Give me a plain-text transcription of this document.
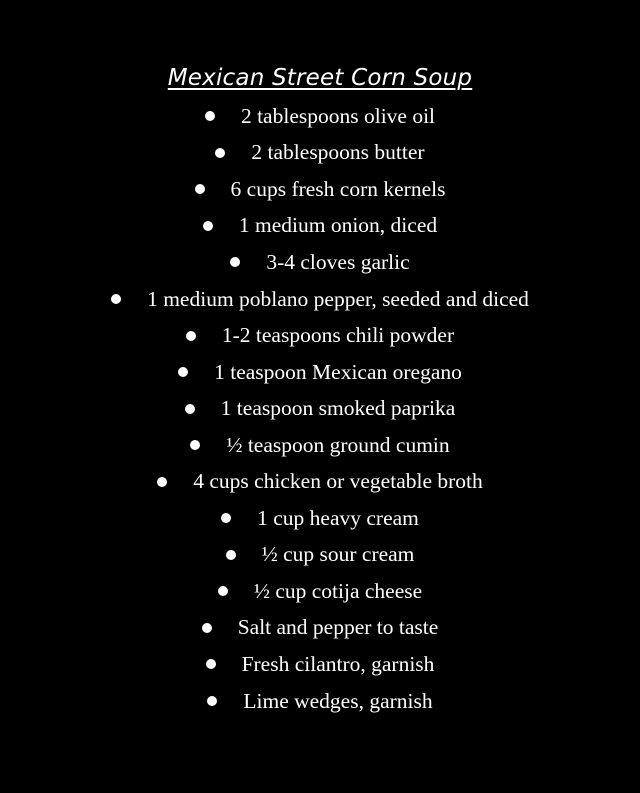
Mexican Street Corn Soup
2 tablespoons olive oil
2 tablespoons butter
6 cups fresh corn kernels
1 medium onion, diced
3-4 cloves garlic
1 medium poblano pepper, seeded and diced
1-2 teaspoons chili powder
1 teaspoon Mexican oregano
1 teaspoon smoked paprika
½ teaspoon ground cumin
4 cups chicken or vegetable broth
1 cup heavy cream
½ cup sour cream
½ cup cotija cheese
Salt and pepper to taste
Fresh cilantro, garnish
Lime wedges, garnish
